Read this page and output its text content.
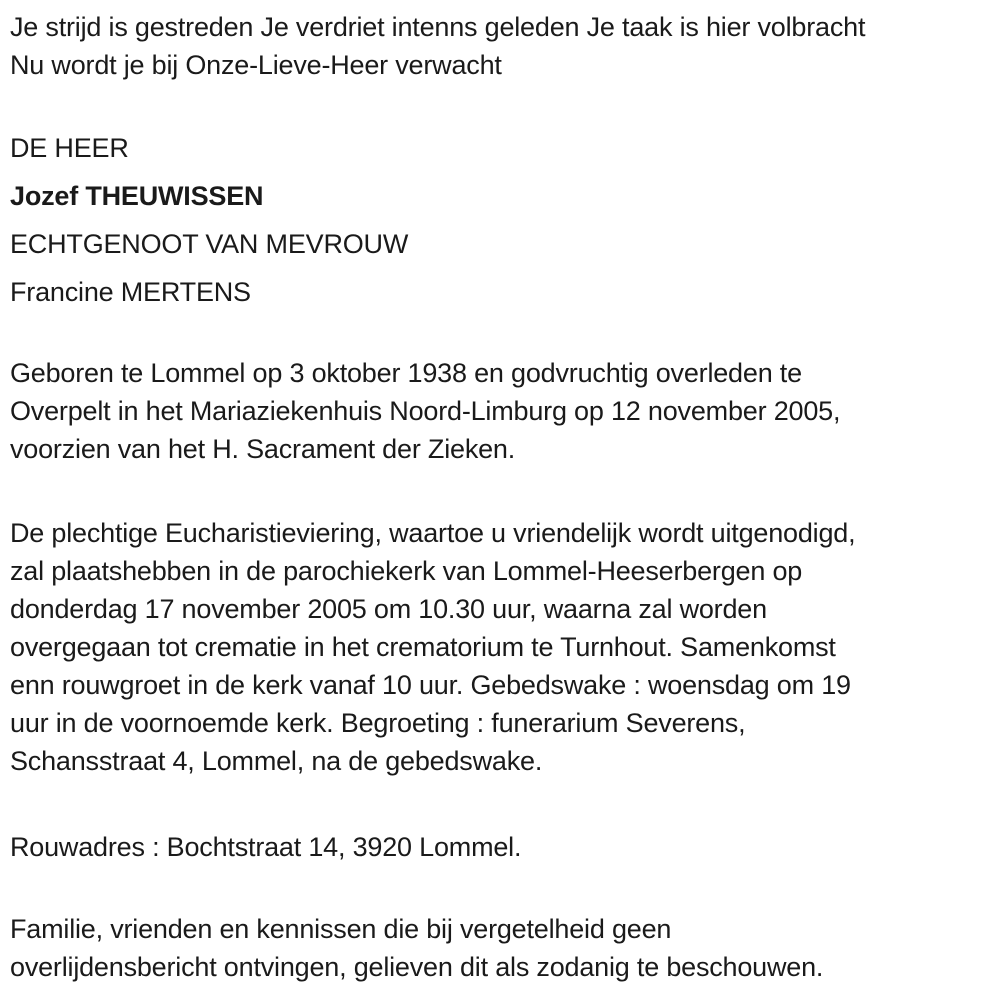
Je strijd is gestreden Je verdriet intenns geleden Je taak is hier volbracht
Nu wordt je bij Onze-Lieve-Heer verwacht
DE HEER
Jozef THEUWISSEN
ECHTGENOOT VAN MEVROUW
Francine MERTENS
Geboren te Lommel op 3 oktober 1938 en godvruchtig overleden te
Overpelt in het Mariaziekenhuis Noord-Limburg op 12 november 2005,
voorzien van het H. Sacrament der Zieken.
De plechtige Eucharistieviering, waartoe u vriendelijk wordt uitgenodigd,
zal plaatshebben in de parochiekerk van Lommel-Heeserbergen op
donderdag 17 november 2005 om 10.30 uur, waarna zal worden
overgegaan tot crematie in het crematorium te Turnhout. Samenkomst
enn rouwgroet in de kerk vanaf 10 uur. Gebedswake : woensdag om 19
uur in de voornoemde kerk. Begroeting : funerarium Severens,
Schansstraat 4, Lommel, na de gebedswake.
Rouwadres : Bochtstraat 14, 3920 Lommel.
Familie, vrienden en kennissen die bij vergetelheid geen
overlijdensbericht ontvingen, gelieven dit als zodanig te beschouwen.
